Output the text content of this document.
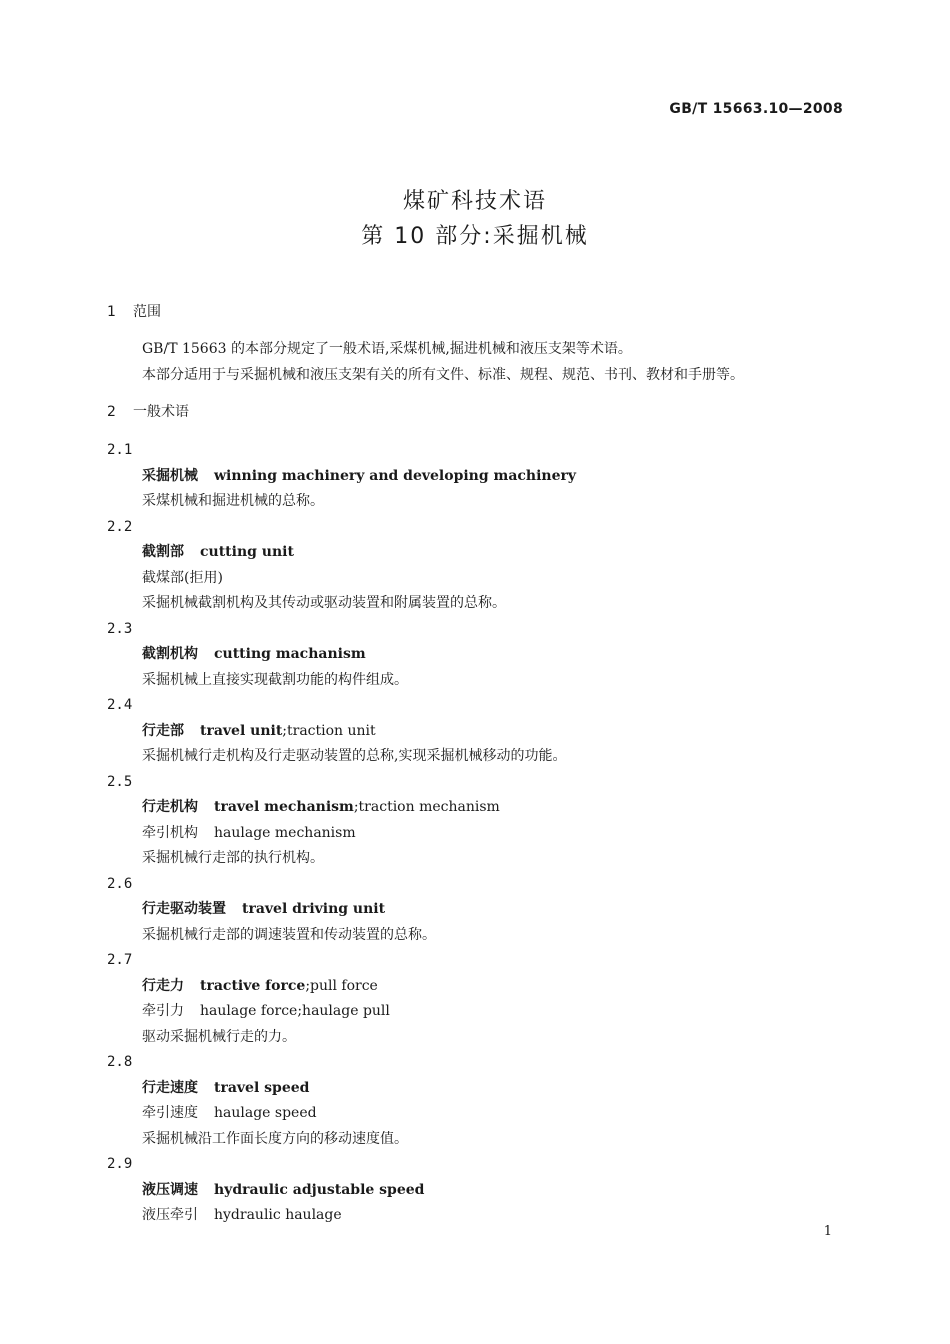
GB/T 15663.10—2008
煤矿科技术语
第 10 部分:采掘机械
1 范围
GB/T 15663 的本部分规定了一般术语,采煤机械,掘进机械和液压支架等术语。
本部分适用于与采掘机械和液压支架有关的所有文件、标准、规程、规范、书刊、教材和手册等。
2 一般术语
2.1
采掘机械 winning machinery and developing machinery
采煤机械和掘进机械的总称。
2.2
截割部 cutting unit
截煤部(拒用)
采掘机械截割机构及其传动或驱动装置和附属装置的总称。
2.3
截割机构 cutting machanism
采掘机械上直接实现截割功能的构件组成。
2.4
行走部 travel unit;traction unit
采掘机械行走机构及行走驱动装置的总称,实现采掘机械移动的功能。
2.5
行走机构 travel mechanism;traction mechanism
牵引机构 haulage mechanism
采掘机械行走部的执行机构。
2.6
行走驱动装置 travel driving unit
采掘机械行走部的调速装置和传动装置的总称。
2.7
行走力 tractive force;pull force
牵引力 haulage force;haulage pull
驱动采掘机械行走的力。
2.8
行走速度 travel speed
牵引速度 haulage speed
采掘机械沿工作面长度方向的移动速度值。
2.9
液压调速 hydraulic adjustable speed
液压牵引 hydraulic haulage
1
